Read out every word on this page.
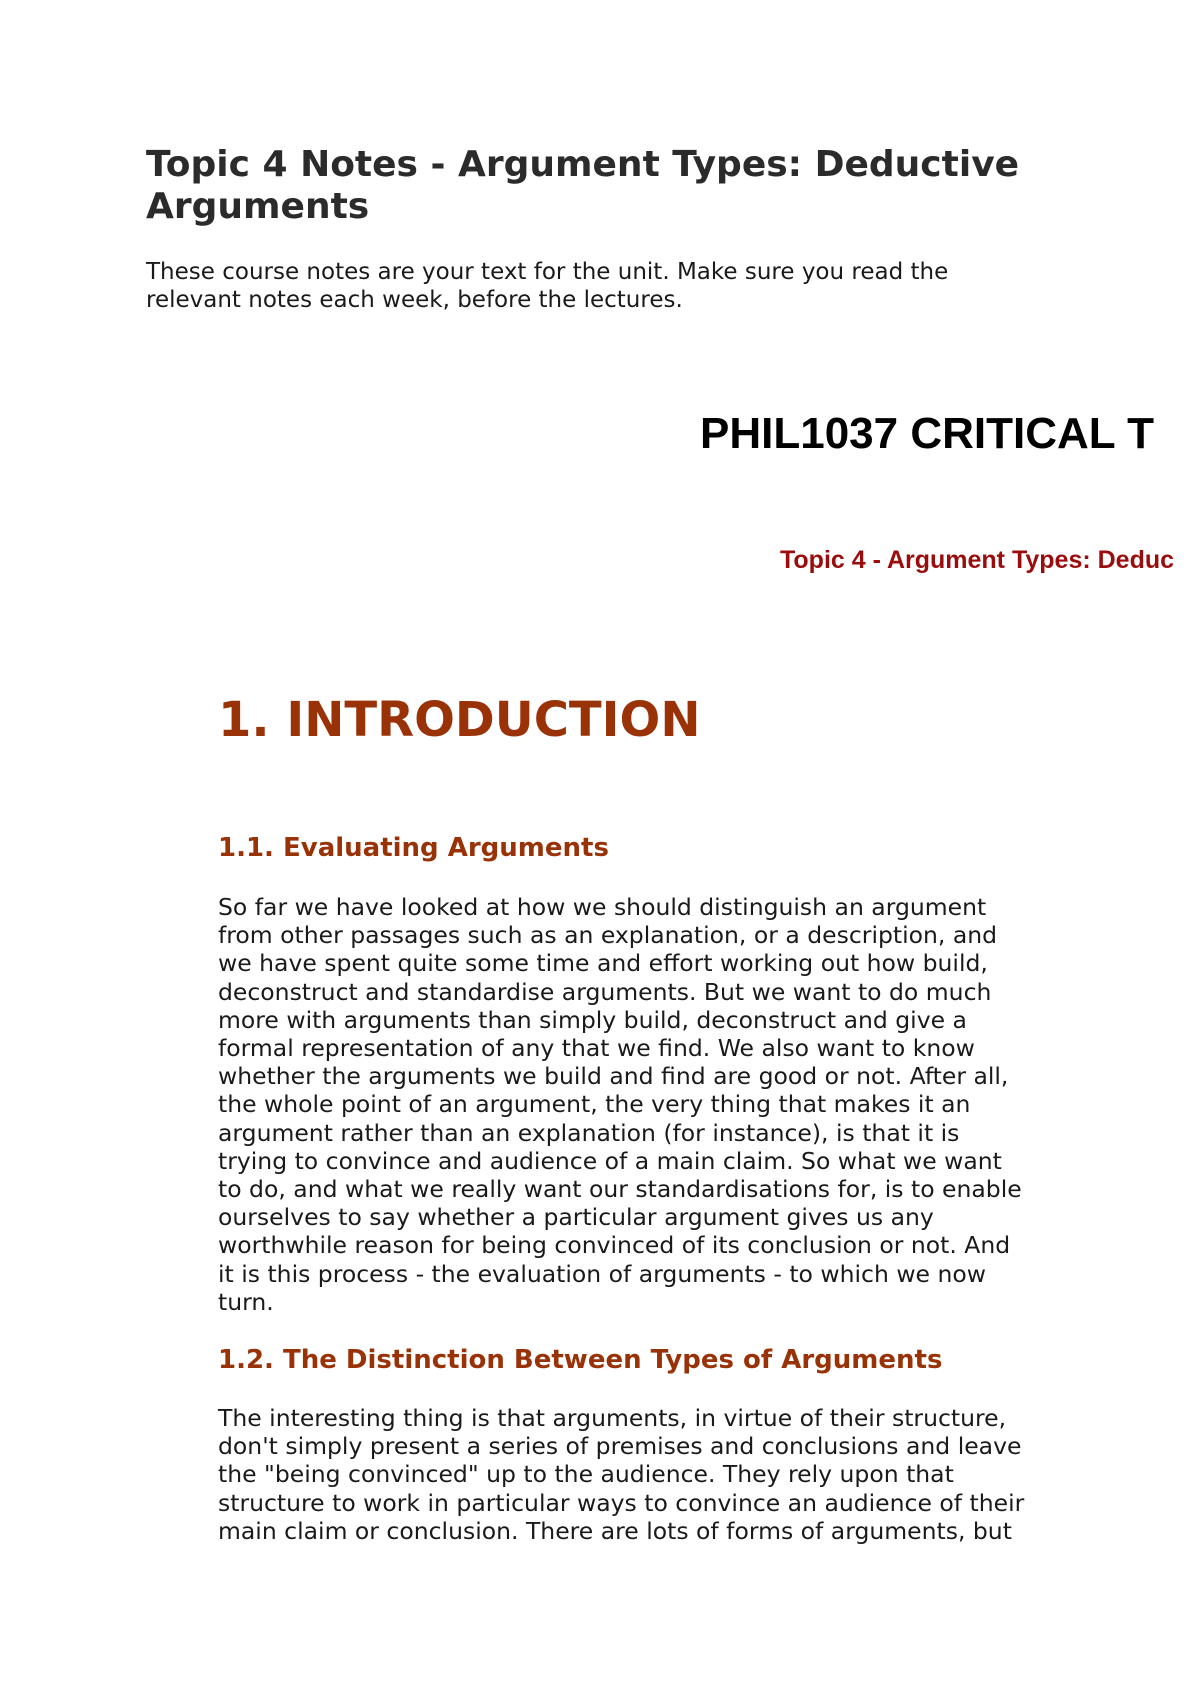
Topic 4 Notes - Argument Types: Deductive Arguments

These course notes are your text for the unit. Make sure you read the relevant notes each week, before the lectures.

PHIL1037 CRITICAL T
Topic 4 - Argument Types: Deduc
1. INTRODUCTION
1.1. Evaluating Arguments

So far we have looked at how we should distinguish an argument
from other passages such as an explanation, or a description, and
we have spent quite some time and effort working out how build,
deconstruct and standardise arguments. But we want to do much
more with arguments than simply build, deconstruct and give a
formal representation of any that we find. We also want to know
whether the arguments we build and find are good or not. After all,
the whole point of an argument, the very thing that makes it an
argument rather than an explanation (for instance), is that it is
trying to convince and audience of a main claim. So what we want
to do, and what we really want our standardisations for, is to enable
ourselves to say whether a particular argument gives us any
worthwhile reason for being convinced of its conclusion or not. And
it is this process - the evaluation of arguments - to which we now
turn.

1.2. The Distinction Between Types of Arguments

The interesting thing is that arguments, in virtue of their structure,
don't simply present a series of premises and conclusions and leave
the "being convinced" up to the audience. They rely upon that
structure to work in particular ways to convince an audience of their
main claim or conclusion. There are lots of forms of arguments, but
